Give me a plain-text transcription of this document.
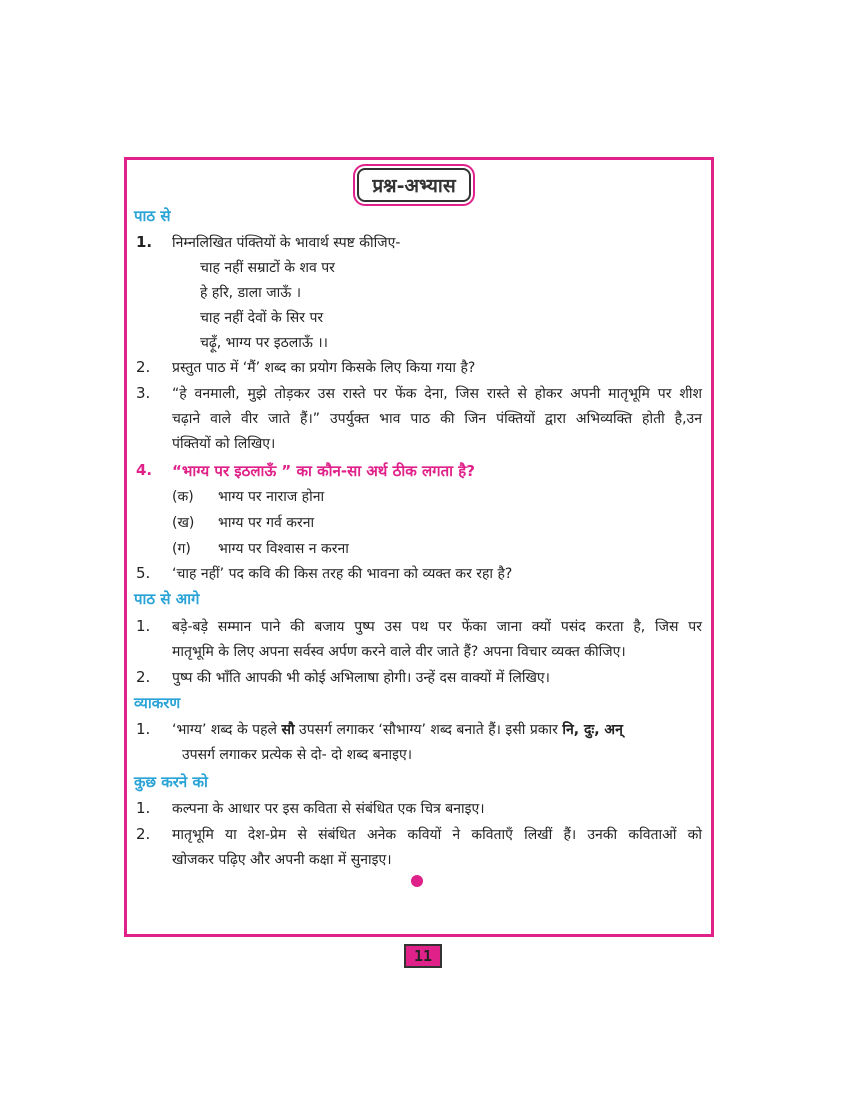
प्रश्न-अभ्यास
पाठ से
1. निम्नलिखित पंक्तियों के भावार्थ स्पष्ट कीजिए-
चाह नहीं सम्राटों के शव पर
हे हरि, डाला जाऊँ ।
चाह नहीं देवों के सिर पर
चढ़ूँ, भाग्य पर इठलाऊँ ।।
2. प्रस्तुत पाठ में ‘मैं’ शब्द का प्रयोग किसके लिए किया गया है?
3. “हे वनमाली, मुझे तोड़कर उस रास्ते पर फेंक देना, जिस रास्ते से होकर अपनी मातृभूमि पर शीश
चढ़ाने वाले वीर जाते हैं।” उपर्युक्त भाव पाठ की जिन पंक्तियों द्वारा अभिव्यक्ति होती है,उन
पंक्तियों को लिखिए।
4. “भाग्य पर इठलाऊँ ” का कौन-सा अर्थ ठीक लगता है?
(क) भाग्य पर नाराज होना
(ख) भाग्य पर गर्व करना
(ग) भाग्य पर विश्वास न करना
5. ‘चाह नहीं’ पद कवि की किस तरह की भावना को व्यक्त कर रहा है?
पाठ से आगे
1. बड़े-बड़े सम्मान पाने की बजाय पुष्प उस पथ पर फेंका जाना क्यों पसंद करता है, जिस पर
मातृभूमि के लिए अपना सर्वस्व अर्पण करने वाले वीर जाते हैं? अपना विचार व्यक्त कीजिए।
2. पुष्प की भाँति आपकी भी कोई अभिलाषा होगी। उन्हें दस वाक्यों में लिखिए।
व्याकरण
1. ‘भाग्य’ शब्द के पहले सौ उपसर्ग लगाकर ‘सौभाग्य’ शब्द बनाते हैं। इसी प्रकार नि, दुः, अन्
उपसर्ग लगाकर प्रत्येक से दो- दो शब्द बनाइए।
कुछ करने को
1. कल्पना के आधार पर इस कविता से संबंधित एक चित्र बनाइए।
2. मातृभूमि या देश-प्रेम से संबंधित अनेक कवियों ने कविताएँ लिखीं हैं। उनकी कविताओं को
खोजकर पढ़िए और अपनी कक्षा में सुनाइए।
11
